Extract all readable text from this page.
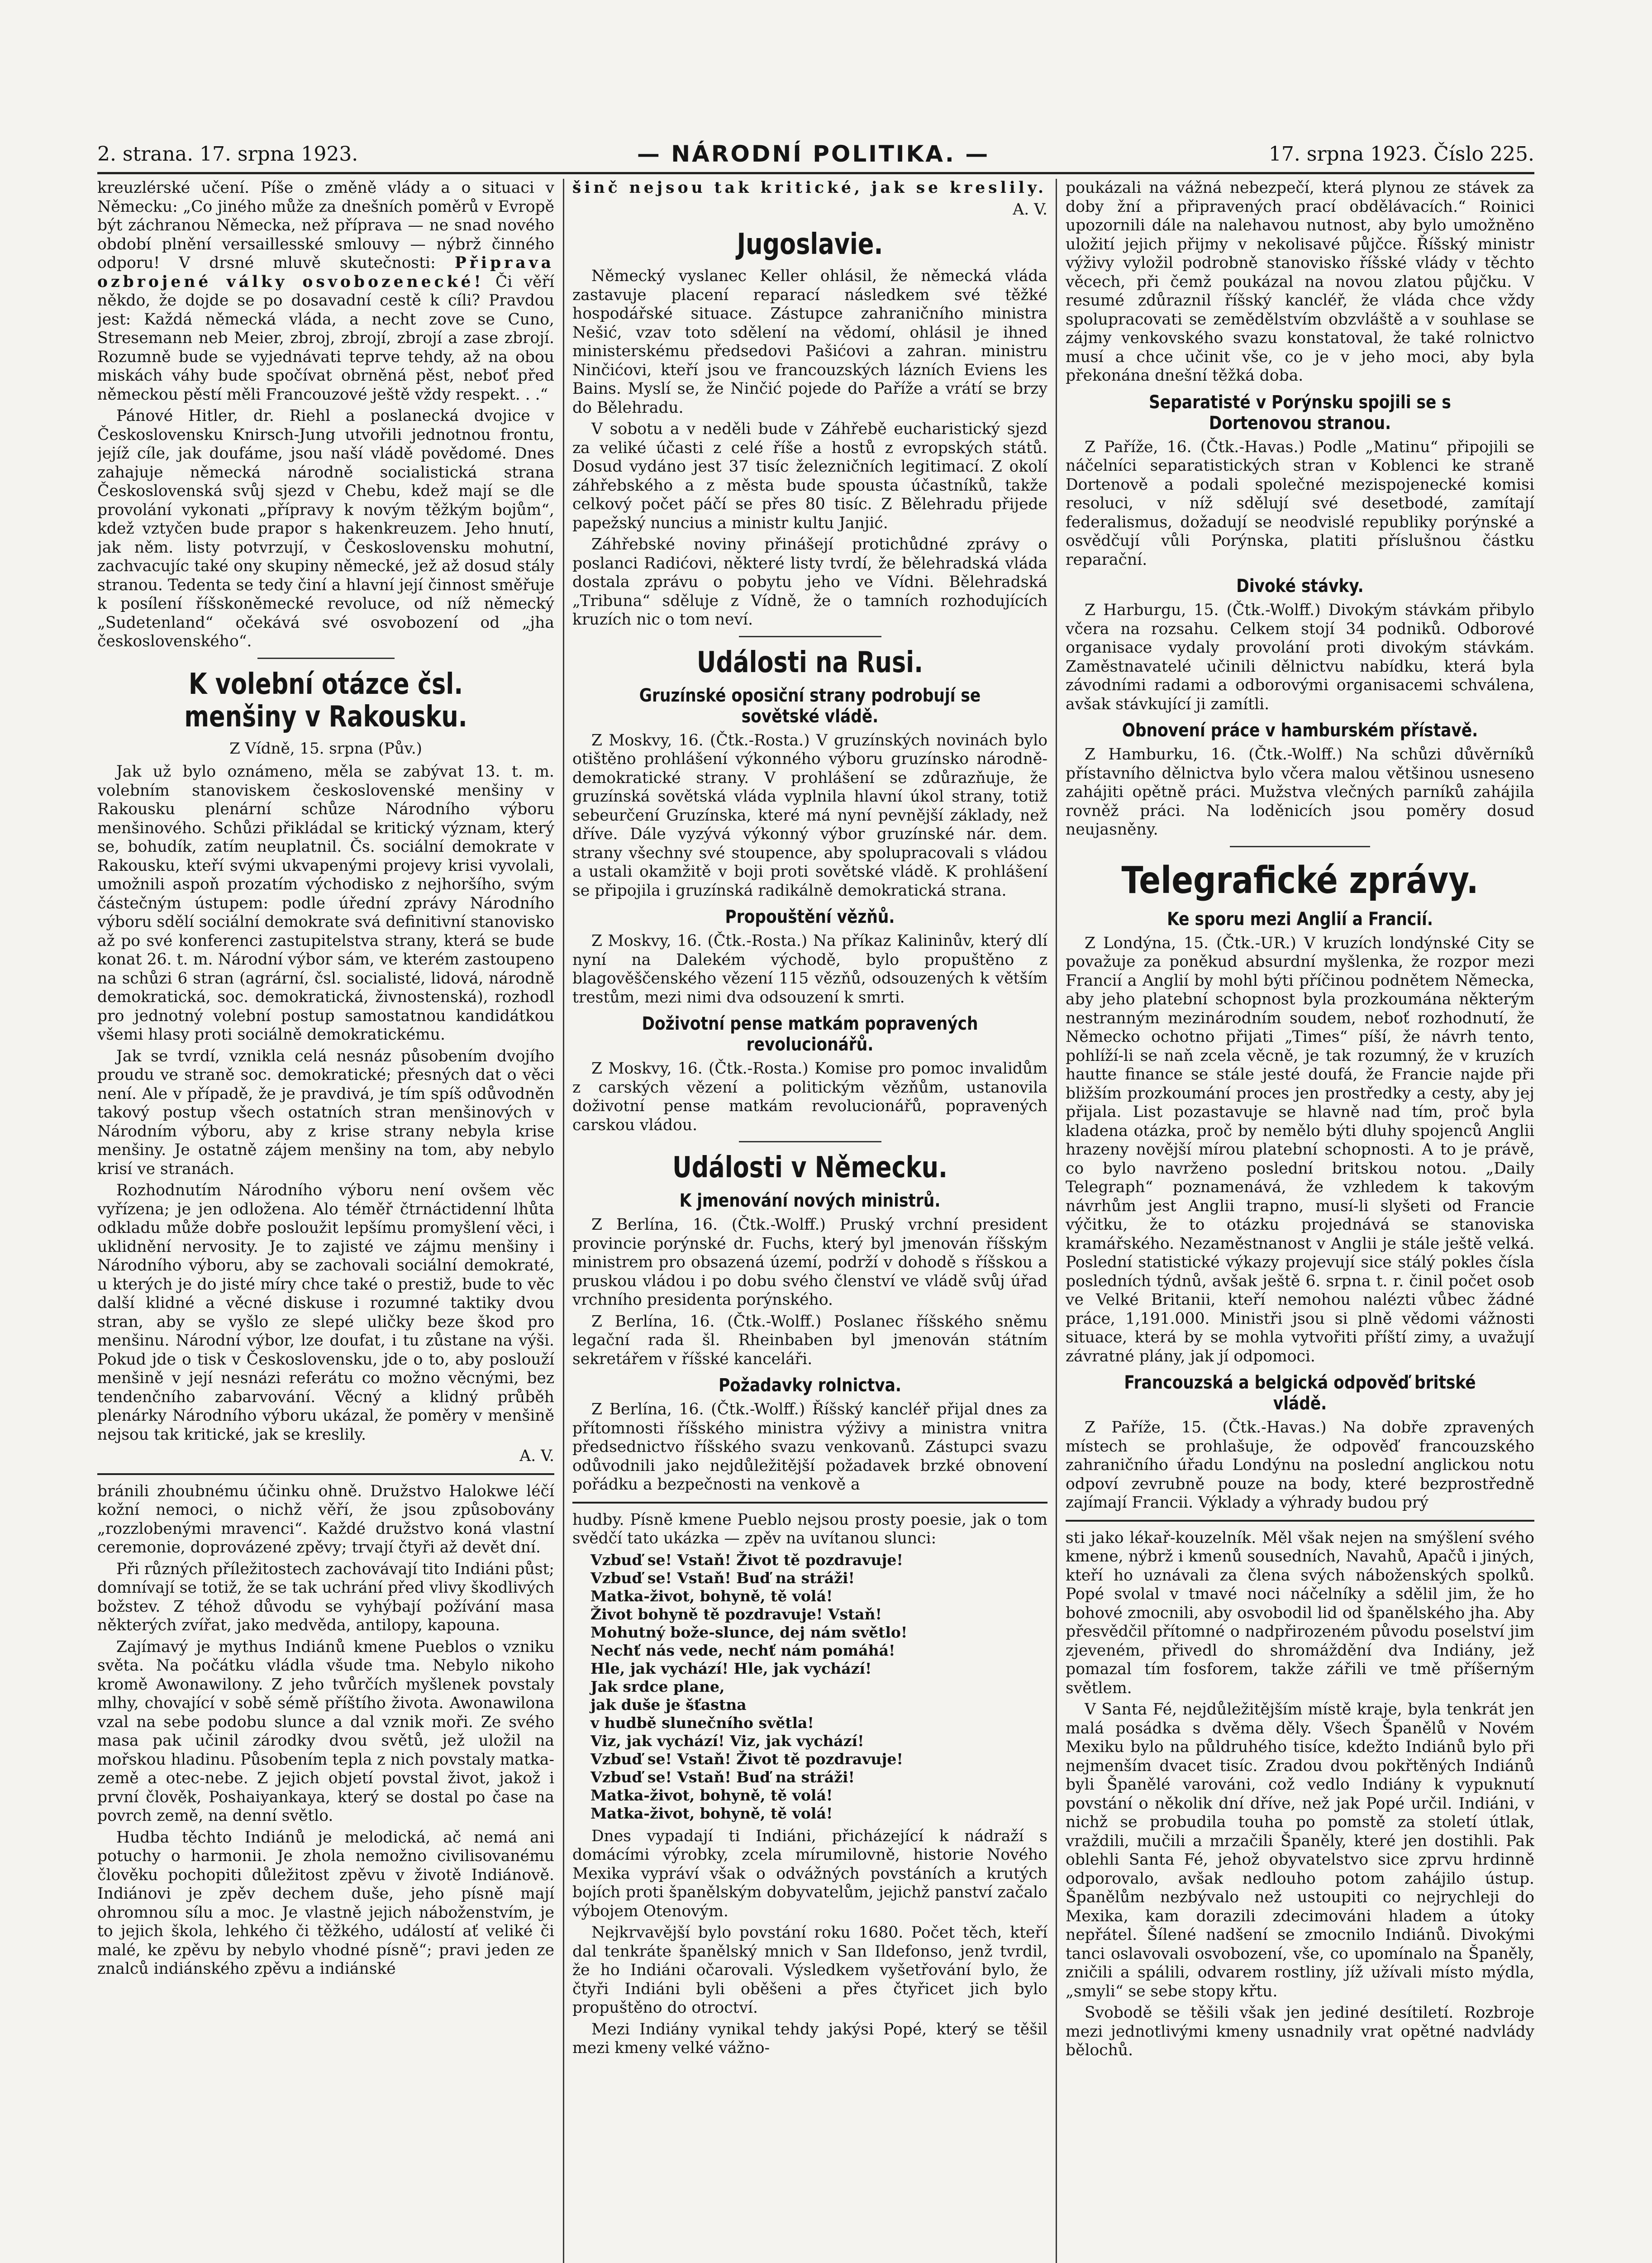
2. strana. 17. srpna 1923.	— NÁRODNÍ POLITIKA. —	17. srpna 1923. Číslo 225.

kreuzlérské učení. Píše o změně vlády a o situaci v Německu: „Co jiného může za dnešních poměrů v Evropě být záchranou Německa, než příprava — ne snad nového období plnění versaillesské smlouvy — nýbrž činného odporu! V drsné mluvě skutečnosti: Připrava ozbrojené války osvobozenecké! Či věří někdo, že dojde se po dosavadní cestě k cíli? Pravdou jest: Každá německá vláda, a necht zove se Cuno, Stresemann neb Meier, zbroj, zbrojí, zbrojí a zase zbrojí. Rozumně bude se vyjednávati teprve tehdy, až na obou miskách váhy bude spočívat obrněná pěst, neboť před německou pěstí měli Francouzové ještě vždy respekt. . .“

Pánové Hitler, dr. Riehl a poslanecká dvojice v Československu Knirsch-Jung utvořili jednotnou frontu, jejíž cíle, jak doufáme, jsou naší vládě povědomé. Dnes zahajuje německá národně socialistická strana Československá svůj sjezd v Chebu, kdež mají se dle provolání vykonati „přípravy k novým těžkým bojům“, kdež vztyčen bude prapor s hakenkreuzem. Jeho hnutí, jak něm. listy potvrzují, v Československu mohutní, zachvacujíc také ony skupiny německé, jež až dosud stály stranou. Tedenta se tedy činí a hlavní její činnost směřuje k posílení říšskoněmecké revoluce, od níž německý „Sudetenland“ očekává své osvobození od „jha československého“.

K volební otázce čsl. menšiny v Rakousku.
Z Vídně, 15. srpna (Pův.)

Jak už bylo oznámeno, měla se zabývat 13. t. m. volebním stanoviskem československé menšiny v Rakousku plenární schůze Národního výboru menšinového. Schůzi přikládal se kritický význam, který se, bohudík, zatím neuplatnil. Čs. sociální demokrate v Rakousku, kteří svými ukvapenými projevy krisi vyvolali, umožnili aspoň prozatím východisko z nejhoršího, svým částečným ústupem: podle úřední zprávy Národního výboru sdělí sociální demokrate svá definitivní stanovisko až po své konferenci zastupitelstva strany, která se bude konat 26. t. m. Národní výbor sám, ve kterém zastoupeno na schůzi 6 stran (agrární, čsl. socialisté, lidová, národně demokratická, soc. demokratická, živnostenská), rozhodl pro jednotný volební postup samostatnou kandidátkou všemi hlasy proti sociálně demokratickému.

Jak se tvrdí, vznikla celá nesnáz působením dvojího proudu ve straně soc. demokratické; přesných dat o věci není. Ale v případě, že je pravdivá, je tím spíš odůvodněn takový postup všech ostatních stran menšinových v Národním výboru, aby z krise strany nebyla krise menšiny. Je ostatně zájem menšiny na tom, aby nebylo krisí ve stranách.

Rozhodnutím Národního výboru není ovšem věc vyřízena; je jen odložena. Alo téměř čtrnáctidenní lhůta odkladu může dobře posloužit lepšímu promyšlení věci, i uklidnění nervosity. Je to zajisté ve zájmu menšiny i Národního výboru, aby se zachovali sociální demokraté, u kterých je do jisté míry chce také o prestiž, bude to věc další klidné a věcné diskuse i rozumné taktiky dvou stran, aby se vyšlo ze slepé uličky beze škod pro menšinu. Národní výbor, lze doufat, i tu zůstane na výši. Pokud jde o tisk v Československu, jde o to, aby poslouží menšině v její nesnázi referátu co možno věcnými, bez tendenčního zabarvování. Věcný a klidný průběh plenárky Národního výboru ukázal, že poměry v menšině nejsou tak kritické, jak se kreslily.

A. V.

bránili zhoubnému účinku ohně. Družstvo Halokwe léčí kožní nemoci, o nichž věří, že jsou způsobovány „rozzlobenými mravenci“. Každé družstvo koná vlastní ceremonie, doprovázené zpěvy; trvají čtyři až devět dní.

Při různých příležitostech zachovávají tito Indiáni půst; domnívají se totiž, že se tak uchrání před vlivy škodlivých božstev. Z téhož důvodu se vyhýbají požívání masa některých zvířat, jako medvěda, antilopy, kapouna.

Zajímavý je mythus Indiánů kmene Pueblos o vzniku světa. Na počátku vládla všude tma. Nebylo nikoho kromě Awonawilony. Z jeho tvůrčích myšlenek povstaly mlhy, chovající v sobě sémě příštího života. Awonawilona vzal na sebe podobu slunce a dal vznik moři. Ze svého masa pak učinil zárodky dvou světů, jež uložil na mořskou hladinu. Působením tepla z nich povstaly matka-země a otec-nebe. Z jejich objetí povstal život, jakož i první člověk, Poshaiyankaya, který se dostal po čase na povrch země, na denní světlo.

Hudba těchto Indiánů je melodická, ač nemá ani potuchy o harmonii. Je zhola nemožno civilisovanému člověku pochopiti důležitost zpěvu v životě Indiánově. Indiánovi je zpěv dechem duše, jeho písně mají ohromnou sílu a moc. Je vlastně jejich náboženstvím, je to jejich škola, lehkého či těžkého, událostí ať veliké či malé, ke zpěvu by nebylo vhodné písně“; pravi jeden ze znalců indiánského zpěvu a indiánské

šinč nejsou tak kritické, jak se kreslily.

A. V.
Jugoslavie.

Německý vyslanec Keller ohlásil, že německá vláda zastavuje placení reparací následkem své těžké hospodářské situace. Zástupce zahraničního ministra Nešić, vzav toto sdělení na vědomí, ohlásil je ihned ministerskému předsedovi Pašićovi a zahran. ministru Ninčićovi, kteří jsou ve francouzských lázních Eviens les Bains. Myslí se, že Ninčić pojede do Paříže a vrátí se brzy do Bělehradu.

V sobotu a v neděli bude v Záhřebě eucharistický sjezd za veliké účasti z celé říše a hostů z evropských států. Dosud vydáno jest 37 tisíc železničních legitimací. Z okolí záhřebského a z města bude spousta účastníků, takže celkový počet páčí se přes 80 tisíc. Z Bělehradu přijede papežský nuncius a ministr kultu Janjić.

Záhřebské noviny přinášejí protichůdné zprávy o poslanci Radićovi, některé listy tvrdí, že bělehradská vláda dostala zprávu o pobytu jeho ve Vídni. Bělehradská „Tribuna“ sděluje z Vídně, že o tamních rozhodujících kruzích nic o tom neví.

Události na Rusi.
Gruzínské oposiční strany podrobují se sovětské vládě.

Z Moskvy, 16. (Čtk.-Rosta.) V gruzínských novinách bylo otištěno prohlášení výkonného výboru gruzínsko národně-demokratické strany. V prohlášení se zdůrazňuje, že gruzínská sovětská vláda vyplnila hlavní úkol strany, totiž sebeurčení Gruzínska, které má nyní pevnější základy, než dříve. Dále vyzývá výkonný výbor gruzínské nár. dem. strany všechny své stoupence, aby spolupracovali s vládou a ustali okamžitě v boji proti sovětské vládě. K prohlášení se připojila i gruzínská radikálně demokratická strana.

Propouštění vězňů.

Z Moskvy, 16. (Čtk.-Rosta.) Na příkaz Kalininův, který dlí nyní na Dalekém východě, bylo propuštěno z blagověščenského vězení 115 vězňů, odsouzených k větším trestům, mezi nimi dva odsouzení k smrti.

Doživotní pense matkám popravených revolucionářů.

Z Moskvy, 16. (Čtk.-Rosta.) Komise pro pomoc invalidům z carských vězení a politickým vězňům, ustanovila doživotní pense matkám revolucionářů, popravených carskou vládou.

Události v Německu.
K jmenování nových ministrů.

Z Berlína, 16. (Čtk.-Wolff.) Pruský vrchní president provincie porýnské dr. Fuchs, který byl jmenován říšským ministrem pro obsazená území, podrží v dohodě s říšskou a pruskou vládou i po dobu svého členství ve vládě svůj úřad vrchního presidenta porýnského.

Z Berlína, 16. (Čtk.-Wolff.) Poslanec říšského sněmu legační rada šl. Rheinbaben byl jmenován státním sekretářem v říšské kanceláři.

Požadavky rolnictva.

Z Berlína, 16. (Čtk.-Wolff.) Říšský kancléř přijal dnes za přítomnosti říšského ministra výživy a ministra vnitra předsednictvo říšského svazu venkovanů. Zástupci svazu odůvodnili jako nejdůležitější požadavek brzké obnovení pořádku a bezpečnosti na venkově a

hudby. Písně kmene Pueblo nejsou prosty poesie, jak o tom svědčí tato ukázka — zpěv na uvítanou slunci:

Vzbuď se! Vstaň! Život tě pozdravuje!
Vzbuď se! Vstaň! Buď na stráži!
Matka-život, bohyně, tě volá!
Život bohyně tě pozdravuje! Vstaň!
Mohutný bože-slunce, dej nám světlo!
Nechť nás vede, nechť nám pomáhá!
Hle, jak vychází! Hle, jak vychází!
Jak srdce plane,
jak duše je šťastna
v hudbě slunečního světla!
Viz, jak vychází! Viz, jak vychází!
Vzbuď se! Vstaň! Život tě pozdravuje!
Vzbuď se! Vstaň! Buď na stráži!
Matka-život, bohyně, tě volá!
Matka-život, bohyně, tě volá!

Dnes vypadají ti Indiáni, přicházející k nádraží s domácími výrobky, zcela mírumilovně, historie Nového Mexika vypráví však o odvážných povstáních a krutých bojích proti španělským dobyvatelům, jejichž panství začalo výbojem Otenovým.

Nejkrvavější bylo povstání roku 1680. Počet těch, kteří dal tenkráte španělský mnich v San Ildefonso, jenž tvrdil, že ho Indiáni očarovali. Výsledkem vyšetřování bylo, že čtyři Indiáni byli oběšeni a přes čtyřicet jich bylo propuštěno do otroctví.

Mezi Indiány vynikal tehdy jakýsi Popé, který se těšil mezi kmeny velké vážno-

poukázali na vážná nebezpečí, která plynou ze stávek za doby žní a připravených prací obdělávacích.“ Roinici upozornili dále na nalehavou nutnost, aby bylo umožněno uložití jejich přijmy v nekolisavé půjčce. Říšský ministr výživy vyložil podrobně stanovisko říšské vlády v těchto věcech, při čemž poukázal na novou zlatou půjčku. V resumé zdůraznil říšský kancléř, že vláda chce vždy spolupracovati se zemědělstvím obzvláště a v souhlase se zájmy venkovského svazu konstatoval, že také rolnictvo musí a chce učinit vše, co je v jeho moci, aby byla překonána dnešní těžká doba.

Separatisté v Porýnsku spojili se s Dortenovou stranou.

Z Paříže, 16. (Čtk.-Havas.) Podle „Matinu“ připojili se náčelníci separatistických stran v Koblenci ke straně Dortenově a podali společné mezispojenecké komisi resoluci, v níž sdělují své desetbodé, zamítají federalismus, dožadují se neodvislé republiky porýnské a osvědčují vůli Porýnska, platiti příslušnou částku reparační.

Divoké stávky.

Z Harburgu, 15. (Čtk.-Wolff.) Divokým stávkám přibylo včera na rozsahu. Celkem stojí 34 podniků. Odborové organisace vydaly provolání proti divokým stávkám. Zaměstnavatelé učinili dělnictvu nabídku, která byla závodními radami a odborovými organisacemi schválena, avšak stávkující ji zamítli.

Obnovení práce v hamburském přístavě.

Z Hamburku, 16. (Čtk.-Wolff.) Na schůzi důvěrníků přístavního dělnictva bylo včera malou většinou usneseno zahájiti opětně práci. Mužstva vlečných parníků zahájila rovněž práci. Na loděnicích jsou poměry dosud neujasněny.

Telegrafické zprávy.
Ke sporu mezi Anglií a Francií.

Z Londýna, 15. (Čtk.-UR.) V kruzích londýnské City se považuje za poněkud absurdní myšlenka, že rozpor mezi Francií a Anglií by mohl býti příčinou podnětem Německa, aby jeho platební schopnost byla prozkoumána některým nestranným mezinárodním soudem, neboť rozhodnutí, že Německo ochotno přijati „Times“ píší, že návrh tento, pohlíží-li se naň zcela věcně, je tak rozumný, že v kruzích hautte finance se stále jesté doufá, že Francie najde při bližším prozkoumání proces jen prostředky a cesty, aby jej přijala. List pozastavuje se hlavně nad tím, proč byla kladena otázka, proč by nemělo býti dluhy spojenců Anglii hrazeny novější mírou platební schopnosti. A to je právě, co bylo navrženo poslední britskou notou. „Daily Telegraph“ poznamenává, že vzhledem k takovým návrhům jest Anglii trapno, musí-li slyšeti od Francie výčitku, že to otázku projednává se stanoviska kramářského. Nezaměstnanost v Anglii je stále ještě velká. Poslední statistické výkazy projevují sice stálý pokles čísla posledních týdnů, avšak ještě 6. srpna t. r. činil počet osob ve Velké Britanii, kteří nemohou nalézti vůbec žádné práce, 1,191.000. Ministři jsou si plně vědomi vážnosti situace, která by se mohla vytvořiti příští zimy, a uvažují závratné plány, jak jí odpomoci.

Francouzská a belgická odpověď britské vládě.

Z Paříže, 15. (Čtk.-Havas.) Na dobře zpravených místech se prohlašuje, že odpověď francouzského zahraničního úřadu Londýnu na poslední anglickou notu odpoví zevrubně pouze na body, které bezprostředně zajímají Francii. Výklady a výhrady budou prý

sti jako lékař-kouzelník. Měl však nejen na smýšlení svého kmene, nýbrž i kmenů sousedních, Navahů, Apačů i jiných, kteří ho uznávali za člena svých náboženských spolků. Popé svolal v tmavé noci náčelníky a sdělil jim, že ho bohové zmocnili, aby osvobodil lid od španělského jha. Aby přesvědčil přítomné o nadpřirozeném původu poselství jim zjeveném, přivedl do shromáždění dva Indiány, jež pomazal tím fosforem, takže zářili ve tmě příšerným světlem.

V Santa Fé, nejdůležitějším místě kraje, byla tenkrát jen malá posádka s dvěma děly. Všech Španělů v Novém Mexiku bylo na půldruhého tisíce, kdežto Indiánů bylo při nejmenším dvacet tisíc. Zradou dvou pokřtěných Indiánů byli Španělé varováni, což vedlo Indiány k vypuknutí povstání o několik dní dříve, než jak Popé určil. Indiáni, v nichž se probudila touha po pomstě za století útlak, vraždili, mučili a mrzačili Španěly, které jen dostihli. Pak oblehli Santa Fé, jehož obyvatelstvo sice zprvu hrdinně odporovalo, avšak nedlouho potom zahájilo ústup. Španělům nezbývalo než ustoupiti co nejrychleji do Mexika, kam dorazili zdecimováni hladem a útoky nepřátel. Šílené nadšení se zmocnilo Indiánů. Divokými tanci oslavovali osvobození, vše, co upomínalo na Španěly, zničili a spálili, odvarem rostliny, jíž užívali místo mýdla, „smyli“ se sebe stopy křtu.

Svobodě se těšili však jen jediné desítiletí. Rozbroje mezi jednotlivými kmeny usnadnily vrat opětné nadvlády bělochů.
